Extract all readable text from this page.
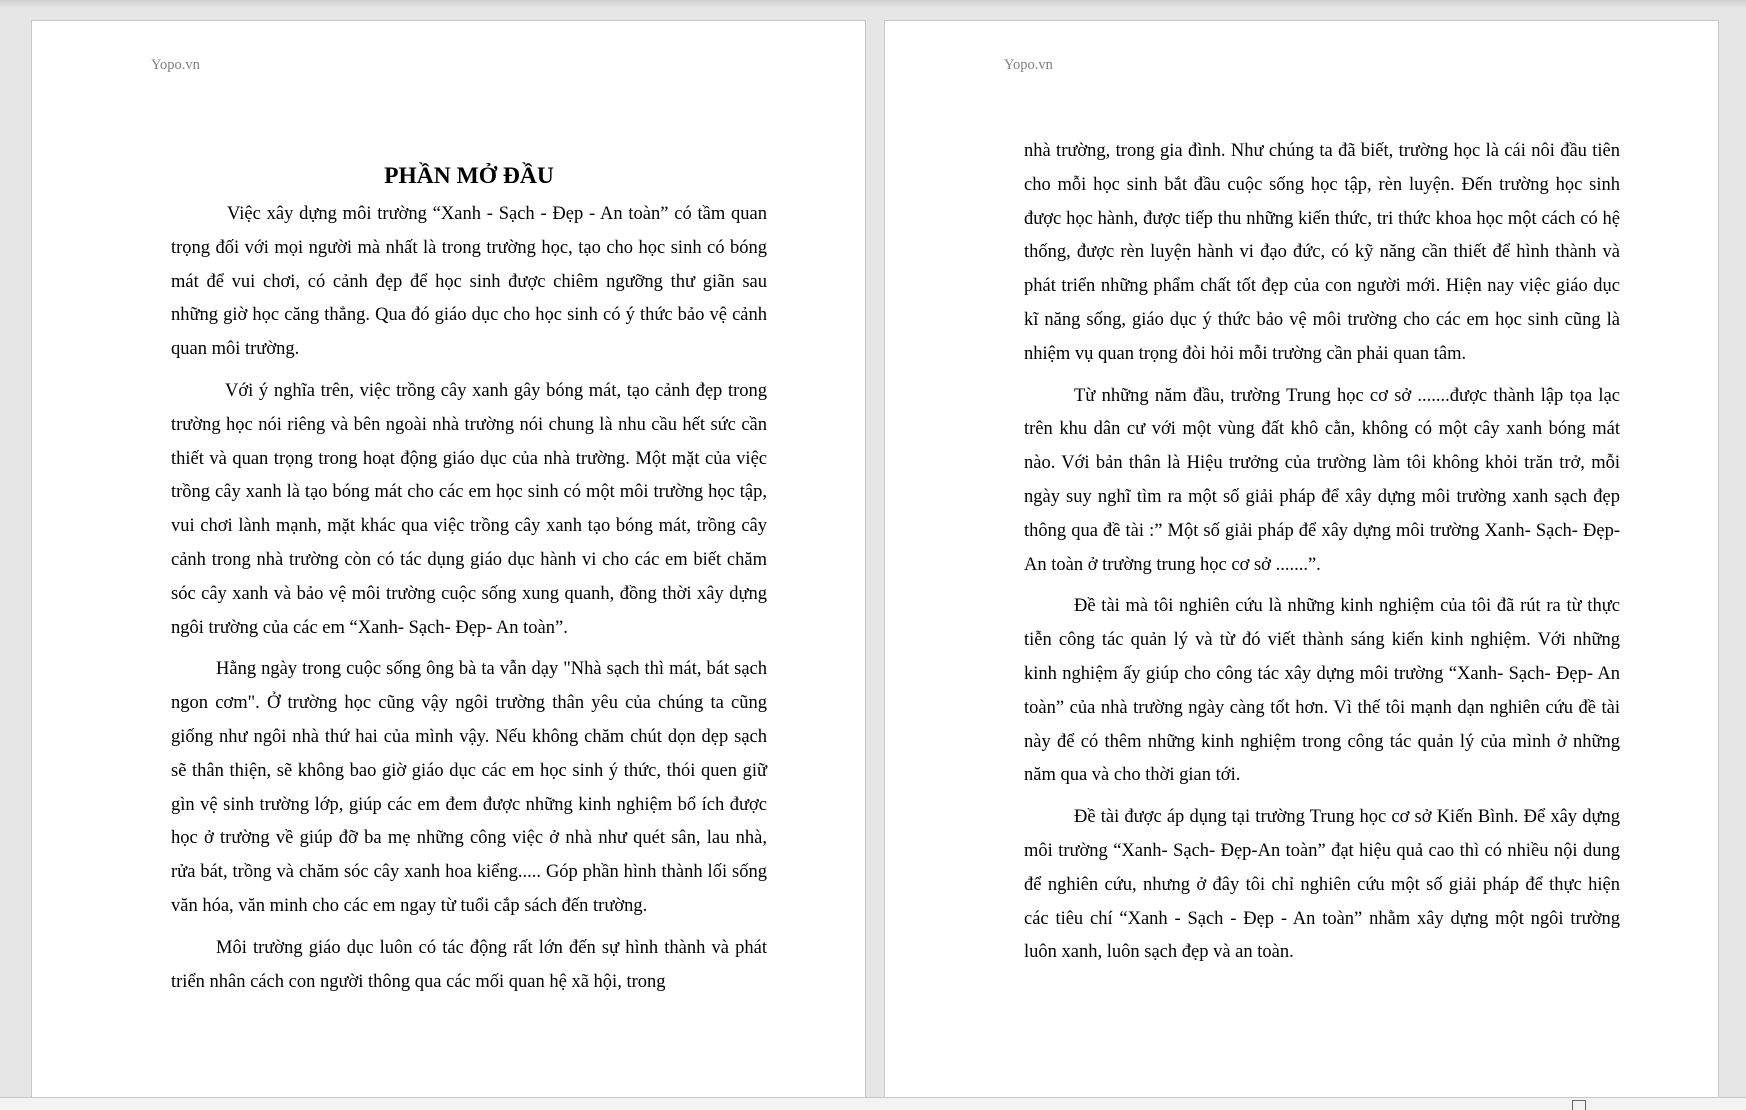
Yopo.vn
PHẦN MỞ ĐẦU

Việc xây dựng môi trường “Xanh - Sạch - Đẹp - An toàn” có tầm quan trọng đối với mọi người mà nhất là trong trường học, tạo cho học sinh có bóng mát để vui chơi, có cảnh đẹp để học sinh được chiêm ngưỡng thư giãn sau những giờ học căng thẳng. Qua đó giáo dục cho học sinh có ý thức bảo vệ cảnh quan môi trường.

Với ý nghĩa trên, việc trồng cây xanh gây bóng mát, tạo cảnh đẹp trong trường học nói riêng và bên ngoài nhà trường nói chung là nhu cầu hết sức cần thiết và quan trọng trong hoạt động giáo dục của nhà trường. Một mặt của việc trồng cây xanh là tạo bóng mát cho các em học sinh có một môi trường học tập, vui chơi lành mạnh, mặt khác qua việc trồng cây xanh tạo bóng mát, trồng cây cảnh trong nhà trường còn có tác dụng giáo dục hành vi cho các em biết chăm sóc cây xanh và bảo vệ môi trường cuộc sống xung quanh, đồng thời xây dựng ngôi trường của các em “Xanh- Sạch- Đẹp- An toàn”.

Hằng ngày trong cuộc sống ông bà ta vẫn dạy "Nhà sạch thì mát, bát sạch ngon cơm". Ở trường học cũng vậy ngôi trường thân yêu của chúng ta cũng giống như ngôi nhà thứ hai của mình vậy. Nếu không chăm chút dọn dẹp sạch sẽ thân thiện, sẽ không bao giờ giáo dục các em học sinh ý thức, thói quen giữ gìn vệ sinh trường lớp, giúp các em đem được những kinh nghiệm bổ ích được học ở trường về giúp đỡ ba mẹ những công việc ở nhà như quét sân, lau nhà, rửa bát, trồng và chăm sóc cây xanh hoa kiểng..... Góp phần hình thành lối sống văn hóa, văn minh cho các em ngay từ tuổi cắp sách đến trường.

Môi trường giáo dục luôn có tác động rất lớn đến sự hình thành và phát triển nhân cách con người thông qua các mối quan hệ xã hội, trong

Yopo.vn

nhà trường, trong gia đình. Như chúng ta đã biết, trường học là cái nôi đầu tiên cho mỗi học sinh bắt đầu cuộc sống học tập, rèn luyện. Đến trường học sinh được học hành, được tiếp thu những kiến thức, tri thức khoa học một cách có hệ thống, được rèn luyện hành vi đạo đức, có kỹ năng cần thiết để hình thành và phát triển những phẩm chất tốt đẹp của con người mới. Hiện nay việc giáo dục kĩ năng sống, giáo dục ý thức bảo vệ môi trường cho các em học sinh cũng là nhiệm vụ quan trọng đòi hỏi mỗi trường cần phải quan tâm.

Từ những năm đầu, trường Trung học cơ sở .......được thành lập tọa lạc trên khu dân cư với một vùng đất khô cằn, không có một cây xanh bóng mát nào. Với bản thân là Hiệu trưởng của trường làm tôi không khỏi trăn trở, mỗi ngày suy nghĩ tìm ra một số giải pháp để xây dựng môi trường xanh sạch đẹp thông qua đề tài :” Một số giải pháp để xây dựng môi trường Xanh- Sạch- Đẹp- An toàn ở trường trung học cơ sở .......”.

Đề tài mà tôi nghiên cứu là những kinh nghiệm của tôi đã rút ra từ thực tiễn công tác quản lý và từ đó viết thành sáng kiến kinh nghiệm. Với những kinh nghiệm ấy giúp cho công tác xây dựng môi trường “Xanh- Sạch- Đẹp- An toàn” của nhà trường ngày càng tốt hơn. Vì thế tôi mạnh dạn nghiên cứu đề tài này để có thêm những kinh nghiệm trong công tác quản lý của mình ở những năm qua và cho thời gian tới.

Đề tài được áp dụng tại trường Trung học cơ sở Kiến Bình. Để xây dựng môi trường “Xanh- Sạch- Đẹp-An toàn” đạt hiệu quả cao thì có nhiều nội dung để nghiên cứu, nhưng ở đây tôi chỉ nghiên cứu một số giải pháp để thực hiện các tiêu chí “Xanh - Sạch - Đẹp - An toàn” nhằm xây dựng một ngôi trường luôn xanh, luôn sạch đẹp và an toàn.
